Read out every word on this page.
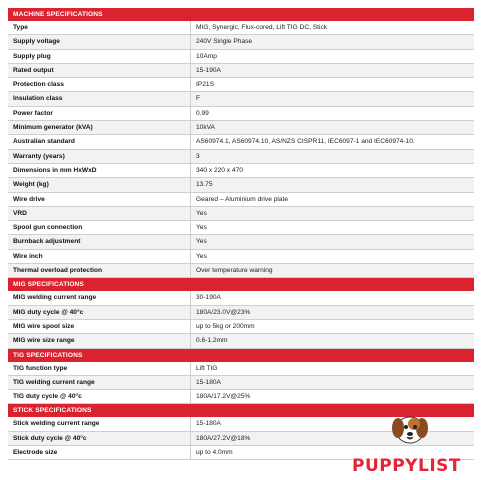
MACHINE SPECIFICATIONS
Type	MIG, Synergic, Flux-cored, Lift TIG DC, Stick
Supply voltage	240V Single Phase
Supply plug	10Amp
Rated output	15-190A
Protection class	IP21S
Insulation class	F
Power factor	0.99
Minimum generator (kVA)	10kVA
Australian standard	AS60974.1, AS60974.10, AS/NZS CISPR11, IEC6097-1 and IEC60974-10.
Warranty (years)	3
Dimensions in mm HxWxD	340 x 220 x 470
Weight (kg)	13.75
Wire drive	Geared – Aluminium drive plate
VRD	Yes
Spool gun connection	Yes
Burnback adjustment	Yes
Wire inch	Yes
Thermal overload protection	Over temperature warning
MIG SPECIFICATIONS
MIG welding current range	30-190A
MIG duty cycle @ 40°c	180A/23.0V@23%
MIG wire spool size	up to 5kg or 200mm
MIG wire size range	0.6-1.2mm
TIG SPECIFICATIONS
TIG function type	Lift TIG
TIG welding current range	15-180A
TIG duty cycle @ 40°c	180A/17.2V@25%
STICK SPECIFICATIONS
Stick welding current range	15-180A
Stick duty cycle @ 40°c	180A/27.2V@18%
Electrode size	up to 4.0mm
PUPPYLIST
